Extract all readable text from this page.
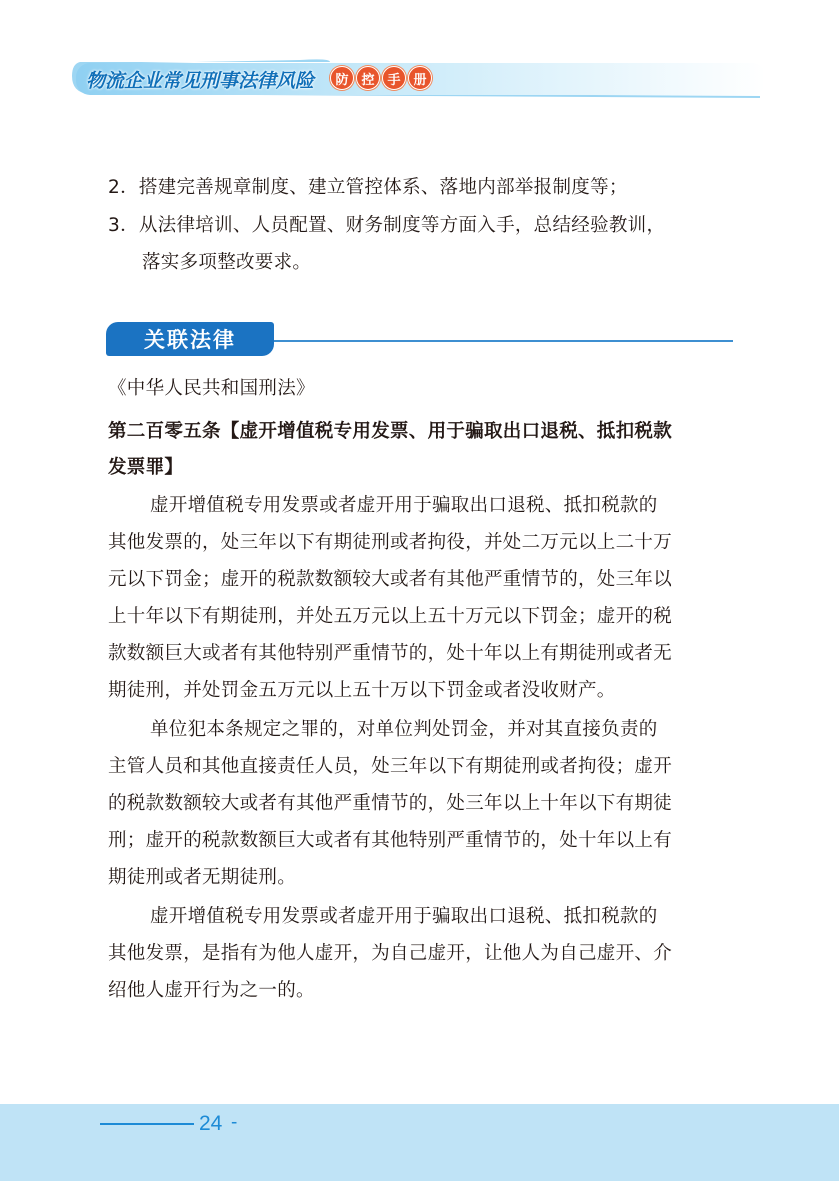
物流企业常见刑事法律风险	防 控 手 册
2．搭建完善规章制度、建立管控体系、落地内部举报制度等；
3．从法律培训、人员配置、财务制度等方面入手，总结经验教训，
落实多项整改要求。
关联法律
《中华人民共和国刑法》
第二百零五条【虚开增值税专用发票、用于骗取出口退税、抵扣税款
发票罪】
虚开增值税专用发票或者虚开用于骗取出口退税、抵扣税款的
其他发票的，处三年以下有期徒刑或者拘役，并处二万元以上二十万
元以下罚金；虚开的税款数额较大或者有其他严重情节的，处三年以
上十年以下有期徒刑，并处五万元以上五十万元以下罚金；虚开的税
款数额巨大或者有其他特别严重情节的，处十年以上有期徒刑或者无
期徒刑，并处罚金五万元以上五十万以下罚金或者没收财产。
单位犯本条规定之罪的，对单位判处罚金，并对其直接负责的
主管人员和其他直接责任人员，处三年以下有期徒刑或者拘役；虚开
的税款数额较大或者有其他严重情节的，处三年以上十年以下有期徒
刑；虚开的税款数额巨大或者有其他特别严重情节的，处十年以上有
期徒刑或者无期徒刑。
虚开增值税专用发票或者虚开用于骗取出口退税、抵扣税款的
其他发票，是指有为他人虚开，为自己虚开，让他人为自己虚开、介
绍他人虚开行为之一的。
24 -
